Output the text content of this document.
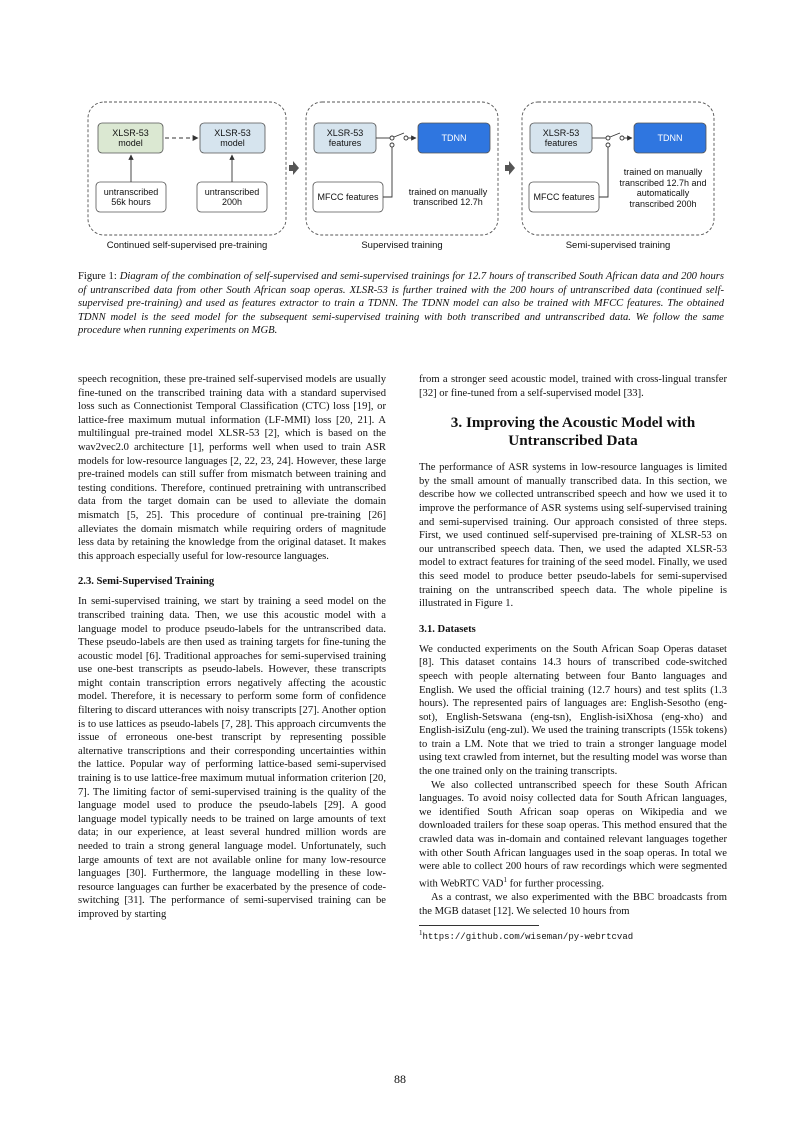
XLSR-53
model
XLSR-53
model
untranscribed
56k hours
untranscribed
200h
Continued self-supervised pre-training
XLSR-53
features
TDNN
MFCC features
trained on manually
transcribed 12.7h
Supervised training
XLSR-53
features
TDNN
MFCC features
trained on manually
transcribed 12.7h and
automatically
transcribed 200h
Semi-supervised training
Figure 1: Diagram of the combination of self-supervised and semi-supervised trainings for 12.7 hours of transcribed South African data and 200 hours of untranscribed data from other South African soap operas. XLSR-53 is further trained with the 200 hours of untranscribed data (continued self-supervised pre-training) and used as features extractor to train a TDNN. The TDNN model can also be trained with MFCC features. The obtained TDNN model is the seed model for the subsequent semi-supervised training with both transcribed and untranscribed data. We follow the same procedure when running experiments on MGB.

speech recognition, these pre-trained self-supervised models are usually fine-tuned on the transcribed training data with a standard supervised loss such as Connectionist Temporal Classification (CTC) loss [19], or lattice-free maximum mutual information (LF-MMI) loss [20, 21]. A multilingual pre-trained model XLSR-53 [2], which is based on the wav2vec2.0 architecture [1], performs well when used to train ASR models for low-resource languages [2, 22, 23, 24]. However, these large pre-trained models can still suffer from mismatch between training and testing conditions. Therefore, continued pretraining with untranscribed data from the target domain can be used to alleviate the domain mismatch [5, 25]. This procedure of continual pre-training [26] alleviates the domain mismatch while requiring orders of magnitude less data by retaining the knowledge from the original dataset. It makes this approach especially useful for low-resource languages.

2.3. Semi-Supervised Training

In semi-supervised training, we start by training a seed model on the transcribed training data. Then, we use this acoustic model with a language model to produce pseudo-labels for the untranscribed data. These pseudo-labels are then used as training targets for fine-tuning the acoustic model [6]. Traditional approaches for semi-supervised training use one-best transcripts as pseudo-labels. However, these transcripts might contain transcription errors negatively affecting the acoustic model. Therefore, it is necessary to perform some form of confidence filtering to discard utterances with noisy transcripts [27]. Another option is to use lattices as pseudo-labels [7, 28]. This approach circumvents the issue of erroneous one-best transcript by representing possible alternative transcriptions and their corresponding uncertainties within the lattice. Popular way of performing lattice-based semi-supervised training is to use lattice-free maximum mutual information criterion [20, 7]. The limiting factor of semi-supervised training is the quality of the language model used to produce the pseudo-labels [29]. A good language model typically needs to be trained on large amounts of text data; in our experience, at least several hundred million words are needed to train a strong general language model. Unfortunately, such large amounts of text are not available online for many low-resource languages [30]. Furthermore, the language modelling in these low-resource languages can further be exacerbated by the presence of code-switching [31]. The performance of semi-supervised training can be improved by starting

from a stronger seed acoustic model, trained with cross-lingual transfer [32] or fine-tuned from a self-supervised model [33].

3. Improving the Acoustic Model with Untranscribed Data

The performance of ASR systems in low-resource languages is limited by the small amount of manually transcribed data. In this section, we describe how we collected untranscribed speech and how we used it to improve the performance of ASR systems using self-supervised training and semi-supervised training. Our approach consisted of three steps. First, we used continued self-supervised pre-training of XLSR-53 on our untranscribed speech data. Then, we used the adapted XLSR-53 model to extract features for training of the seed model. Finally, we used this seed model to produce better pseudo-labels for semi-supervised training on the untranscribed speech data. The whole pipeline is illustrated in Figure 1.

3.1. Datasets

We conducted experiments on the South African Soap Operas dataset [8]. This dataset contains 14.3 hours of transcribed code-switched speech with people alternating between four Banto languages and English. We used the official training (12.7 hours) and test splits (1.3 hours). The represented pairs of languages are: English-Sesotho (eng-sot), English-Setswana (eng-tsn), English-isiXhosa (eng-xho) and English-isiZulu (eng-zul). We used the training transcripts (155k tokens) to train a LM. Note that we tried to train a stronger language model using text crawled from internet, but the resulting model was worse than the one trained only on the training transcripts.

We also collected untranscribed speech for these South African languages. To avoid noisy collected data for South African languages, we identified South African soap operas on Wikipedia and we downloaded trailers for these soap operas. This method ensured that the crawled data was in-domain and contained relevant languages together with other South African languages used in the soap operas. In total we were able to collect 200 hours of raw recordings which were segmented with WebRTC VAD$^1$ for further processing.

As a contrast, we also experimented with the BBC broadcasts from the MGB dataset [12]. We selected 10 hours from

$^1$https://github.com/wiseman/py-webrtcvad
88
